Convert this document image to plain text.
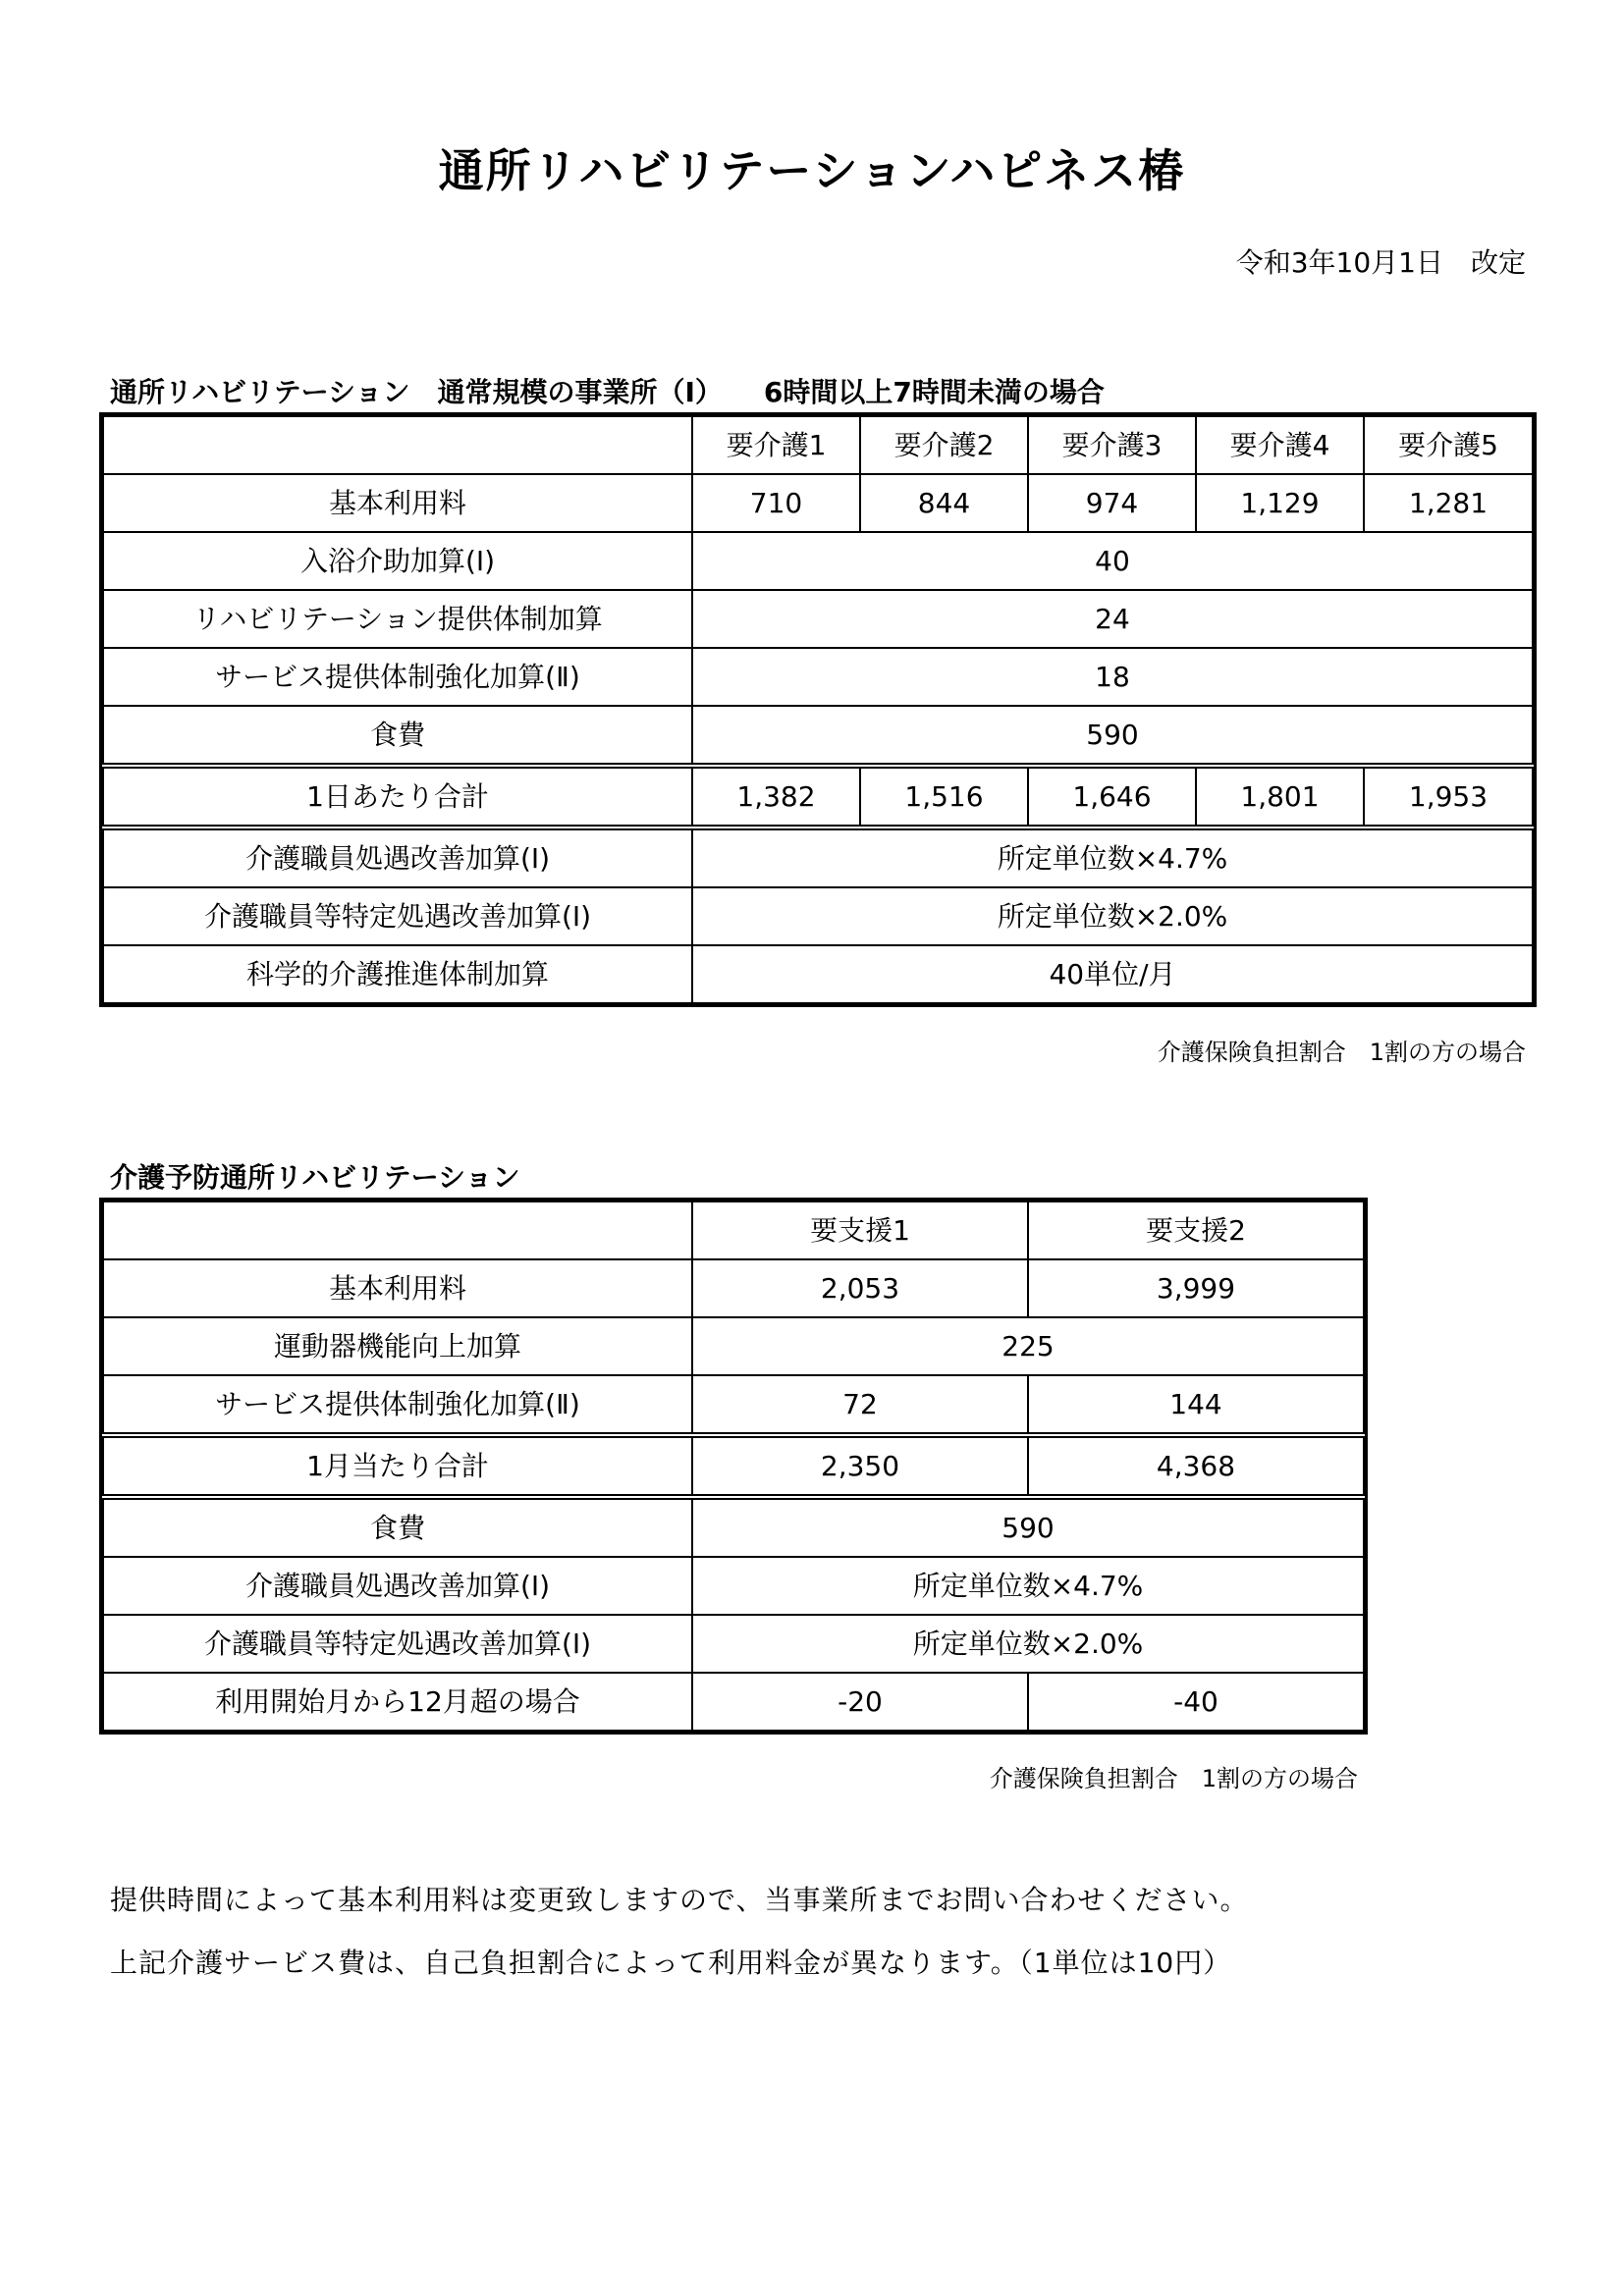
通所リハビリテーションハピネス椿
令和3年10月1日　改定
通所リハビリテーション　通常規模の事業所（Ⅰ）　　6時間以上7時間未満の場合
	要介護1	要介護2	要介護3	要介護4	要介護5
基本利用料	710	844	974	1,129	1,281
入浴介助加算(Ⅰ)	40				
リハビリテーション提供体制加算	24				
サービス提供体制強化加算(Ⅱ)	18				
食費	590				
1日あたり合計	1,382	1,516	1,646	1,801	1,953
介護職員処遇改善加算(Ⅰ)	所定単位数×4.7%				
介護職員等特定処遇改善加算(Ⅰ)	所定単位数×2.0%				
科学的介護推進体制加算	40単位/月				
介護保険負担割合　1割の方の場合
介護予防通所リハビリテーション
	要支援1	要支援2
基本利用料	2,053	3,999
運動器機能向上加算	225	
サービス提供体制強化加算(Ⅱ)	72	144
1月当たり合計	2,350	4,368
食費	590	
介護職員処遇改善加算(Ⅰ)	所定単位数×4.7%	
介護職員等特定処遇改善加算(Ⅰ)	所定単位数×2.0%	
利用開始月から12月超の場合	-20	-40
介護保険負担割合　1割の方の場合
提供時間によって基本利用料は変更致しますので、当事業所までお問い合わせください。
上記介護サービス費は、自己負担割合によって利用料金が異なります。（1単位は10円）
